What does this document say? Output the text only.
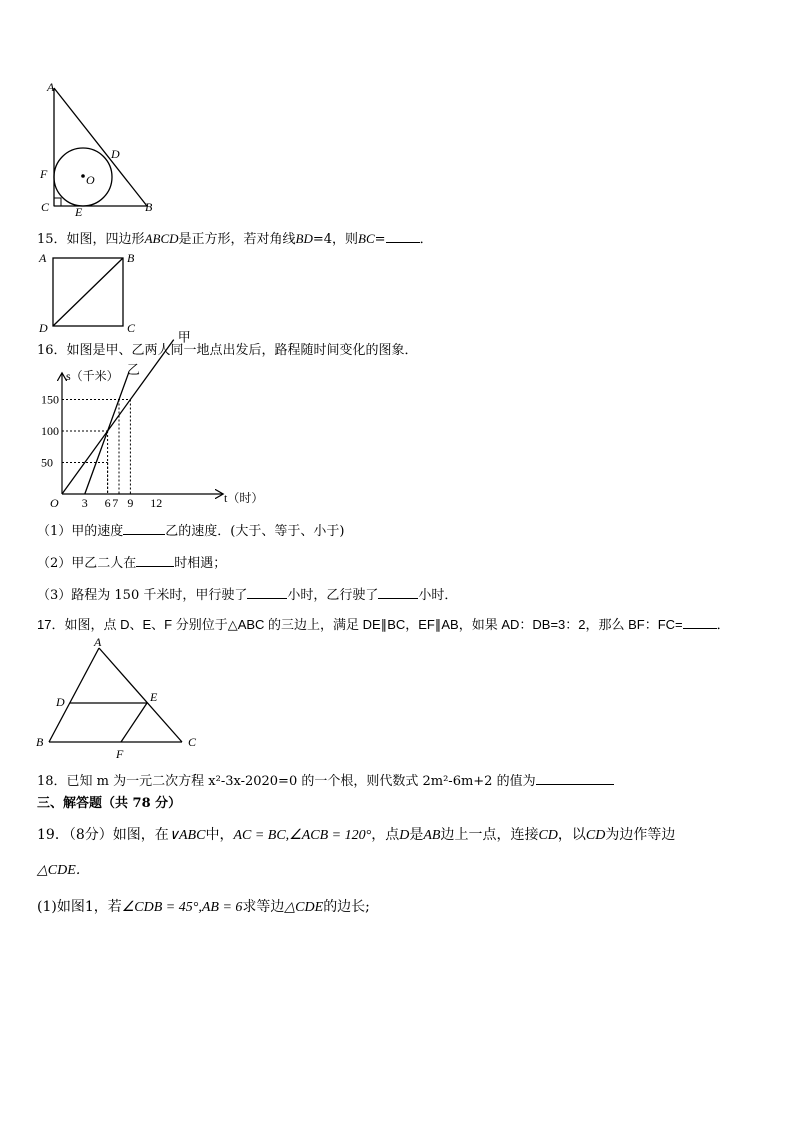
A
D
F	O
C E	B
15．如图，四边形ABCD是正方形，若对角线BD=4，则BC=	．
A	B
D	C
16．如图是甲、乙两人同一地点出发后，路程随时间变化的图象．
甲
乙
3 6 7 9 12
50
100
150
s（千米）
t（时）
O
（1）甲的速度	乙的速度．(大于、等于、小于)
（2）甲乙二人在	时相遇；
（3）路程为 150 千米时，甲行驶了	小时，乙行驶了	小时．
17．如图，点 D、E、F 分别位于△ABC 的三边上，满足 DE∥BC，EF∥AB，如果 AD：DB=3：2，那么 BF：FC=	．
A
D	E
B	C
F
18．已知 m 为一元二次方程 x²-3x-2020=0 的一个根，则代数式 2m²-6m+2 的值为
三、解答题（共 78 分）
19．（8分）如图，在∨ABC中，AC = BC,∠ACB = 120°，点D是AB边上一点，连接CD，以CD为边作等边
△CDE．
(1)如图1，若∠CDB = 45°,AB = 6求等边△CDE的边长;
